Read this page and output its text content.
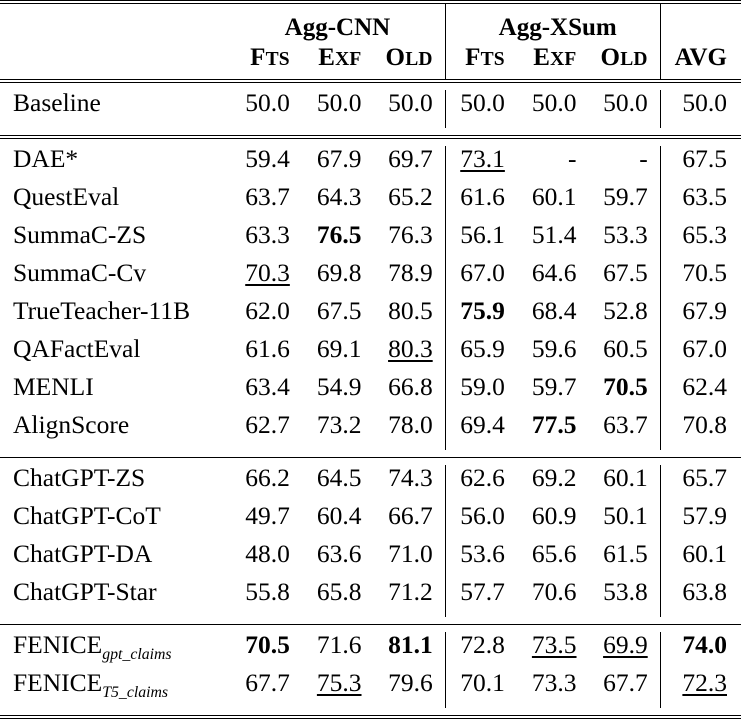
	Agg-CNN			Agg-XSum			
	FTS	EXF	OLD	FTS	EXF	OLD	AVG

Baseline	50.0	50.0	50.0	50.0	50.0	50.0	50.0

DAE*	59.4	67.9	69.7	73.1	-	-	67.5
QuestEval	63.7	64.3	65.2	61.6	60.1	59.7	63.5
SummaC-ZS	63.3	76.5	76.3	56.1	51.4	53.3	65.3
SummaC-Cv	70.3	69.8	78.9	67.0	64.6	67.5	70.5
TrueTeacher-11B	62.0	67.5	80.5	75.9	68.4	52.8	67.9
QAFactEval	61.6	69.1	80.3	65.9	59.6	60.5	67.0
MENLI	63.4	54.9	66.8	59.0	59.7	70.5	62.4
AlignScore	62.7	73.2	78.0	69.4	77.5	63.7	70.8

ChatGPT-ZS	66.2	64.5	74.3	62.6	69.2	60.1	65.7
ChatGPT-CoT	49.7	60.4	66.7	56.0	60.9	50.1	57.9
ChatGPT-DA	48.0	63.6	71.0	53.6	65.6	61.5	60.1
ChatGPT-Star	55.8	65.8	71.2	57.7	70.6	53.8	63.8

$FENICE_{gpt\_claims}$	70.5	71.6	81.1	72.8	73.5	69.9	74.0
$FENICE_{T5\_claims}$	67.7	75.3	79.6	70.1	73.3	67.7	72.3
